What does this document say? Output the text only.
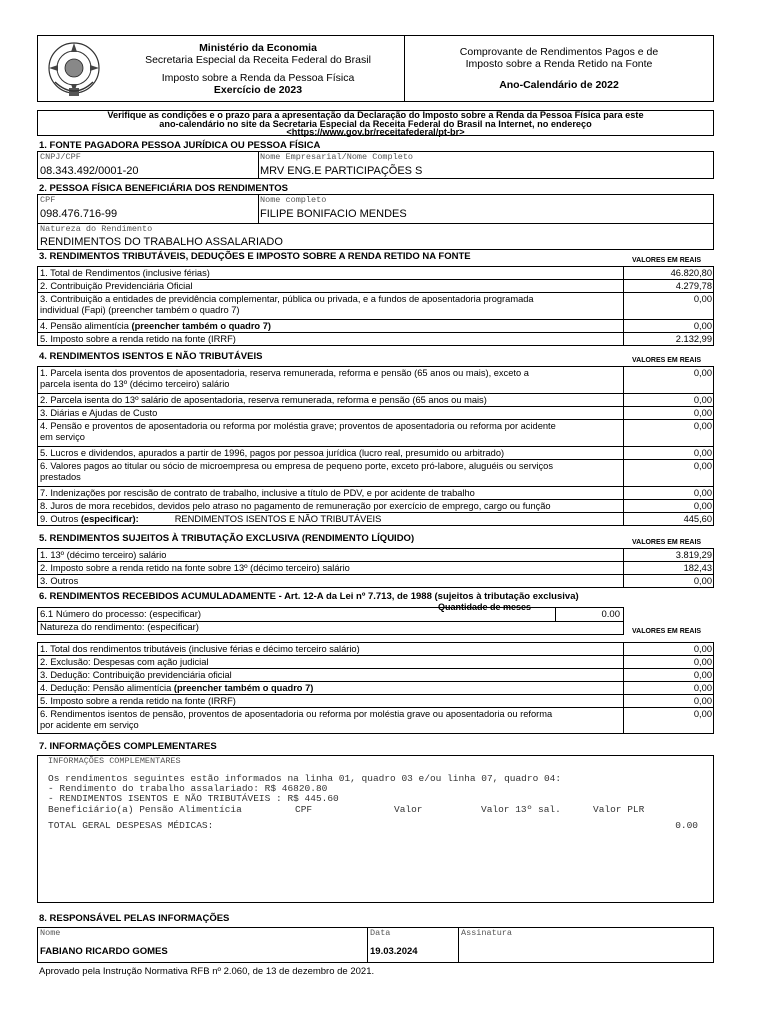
Ministério da Economia
Secretaria Especial da Receita Federal do Brasil
Imposto sobre a Renda da Pessoa Física
Exercício de 2023
Comprovante de Rendimentos Pagos e de
Imposto sobre a Renda Retido na Fonte
Ano-Calendário de 2022
Verifique as condições e o prazo para a apresentação da Declaração do Imposto sobre a Renda da Pessoa Física para este
ano-calendário no site da Secretaria Especial da Receita Federal do Brasil na Internet, no endereço
<https://www.gov.br/receitafederal/pt-br>
1. FONTE PAGADORA PESSOA JURÍDICA OU PESSOA FÍSICA
CNPJ/CPF
08.343.492/0001-20
Nome Empresarial/Nome Completo
MRV ENG.E PARTICIPAÇÕES S
2. PESSOA FÍSICA BENEFICIÁRIA DOS RENDIMENTOS
CPF
098.476.716-99
Nome completo
FILIPE BONIFACIO MENDES
Natureza do Rendimento
RENDIMENTOS DO TRABALHO ASSALARIADO
3. RENDIMENTOS TRIBUTÁVEIS, DEDUÇÕES E IMPOSTO SOBRE A RENDA RETIDO NA FONTE	VALORES EM REAIS
1. Total de Rendimentos (inclusive férias)	46.820,80
2. Contribuição Previdenciária Oficial	4.279,78
3. Contribuição a entidades de previdência complementar, pública ou privada, e a fundos de aposentadoria programada
individual (Fapi) (preencher também o quadro 7)
0,00
4. Pensão alimentícia (preencher também o quadro 7)	0,00
5. Imposto sobre a renda retido na fonte (IRRF)	2.132,99
4. RENDIMENTOS ISENTOS E NÃO TRIBUTÁVEIS	VALORES EM REAIS
1. Parcela isenta dos proventos de aposentadoria, reserva remunerada, reforma e pensão (65 anos ou mais), exceto a
parcela isenta do 13º (décimo terceiro) salário
0,00
2. Parcela isenta do 13º salário de aposentadoria, reserva remunerada, reforma e pensão (65 anos ou mais)	0,00
3. Diárias e Ajudas de Custo	0,00
4. Pensão e proventos de aposentadoria ou reforma por moléstia grave; proventos de aposentadoria ou reforma por acidente
em serviço
0,00
5. Lucros e dividendos, apurados a partir de 1996, pagos por pessoa jurídica (lucro real, presumido ou arbitrado)	0,00
6. Valores pagos ao titular ou sócio de microempresa ou empresa de pequeno porte, exceto pró-labore, aluguéis ou serviços
prestados
0,00
7. Indenizações por rescisão de contrato de trabalho, inclusive a título de PDV, e por acidente de trabalho	0,00
8. Juros de mora recebidos, devidos pelo atraso no pagamento de remuneração por exercício de emprego, cargo ou função	0,00
9. Outros (especificar):	RENDIMENTOS ISENTOS E NÃO TRIBUTÁVEIS	445,60
5. RENDIMENTOS SUJEITOS À TRIBUTAÇÃO EXCLUSIVA (RENDIMENTO LÍQUIDO)	VALORES EM REAIS
1. 13º (décimo terceiro) salário	3.819,29
2. Imposto sobre a renda retido na fonte sobre 13º (décimo terceiro) salário	182,43
3. Outros	0,00
6. RENDIMENTOS RECEBIDOS ACUMULADAMENTE - Art. 12-A da Lei nº 7.713, de 1988 (sujeitos à tributação exclusiva)
6.1 Número do processo: (especificar)
Quantidade de meses
0.00
Natureza do rendimento: (especificar)	VALORES EM REAIS
1. Total dos rendimentos tributáveis (inclusive férias e décimo terceiro salário)	0,00
2. Exclusão: Despesas com ação judicial	0,00
3. Dedução: Contribuição previdenciária oficial	0,00
4. Dedução: Pensão alimentícia (preencher também o quadro 7)	0,00
5. Imposto sobre a renda retido na fonte (IRRF)	0,00
6. Rendimentos isentos de pensão, proventos de aposentadoria ou reforma por moléstia grave ou aposentadoria ou reforma
por acidente em serviço
0,00
7. INFORMAÇÕES COMPLEMENTARES
INFORMAÇÕES COMPLEMENTARES
Os rendimentos seguintes estão informados na linha 01, quadro 03 e/ou linha 07, quadro 04:
- Rendimento do trabalho assalariado: R$ 46820.80
- RENDIMENTOS ISENTOS E NÃO TRIBUTÁVEIS : R$ 445.60
Beneficiário(a) Pensão Alimentícia	CPF	Valor	Valor 13º sal.	Valor PLR
TOTAL GERAL DESPESAS MÉDICAS:	0.00
8. RESPONSÁVEL PELAS INFORMAÇÕES
Nome
FABIANO RICARDO GOMES
Data
19.03.2024
Assinatura
Aprovado pela Instrução Normativa RFB nº 2.060, de 13 de dezembro de 2021.
